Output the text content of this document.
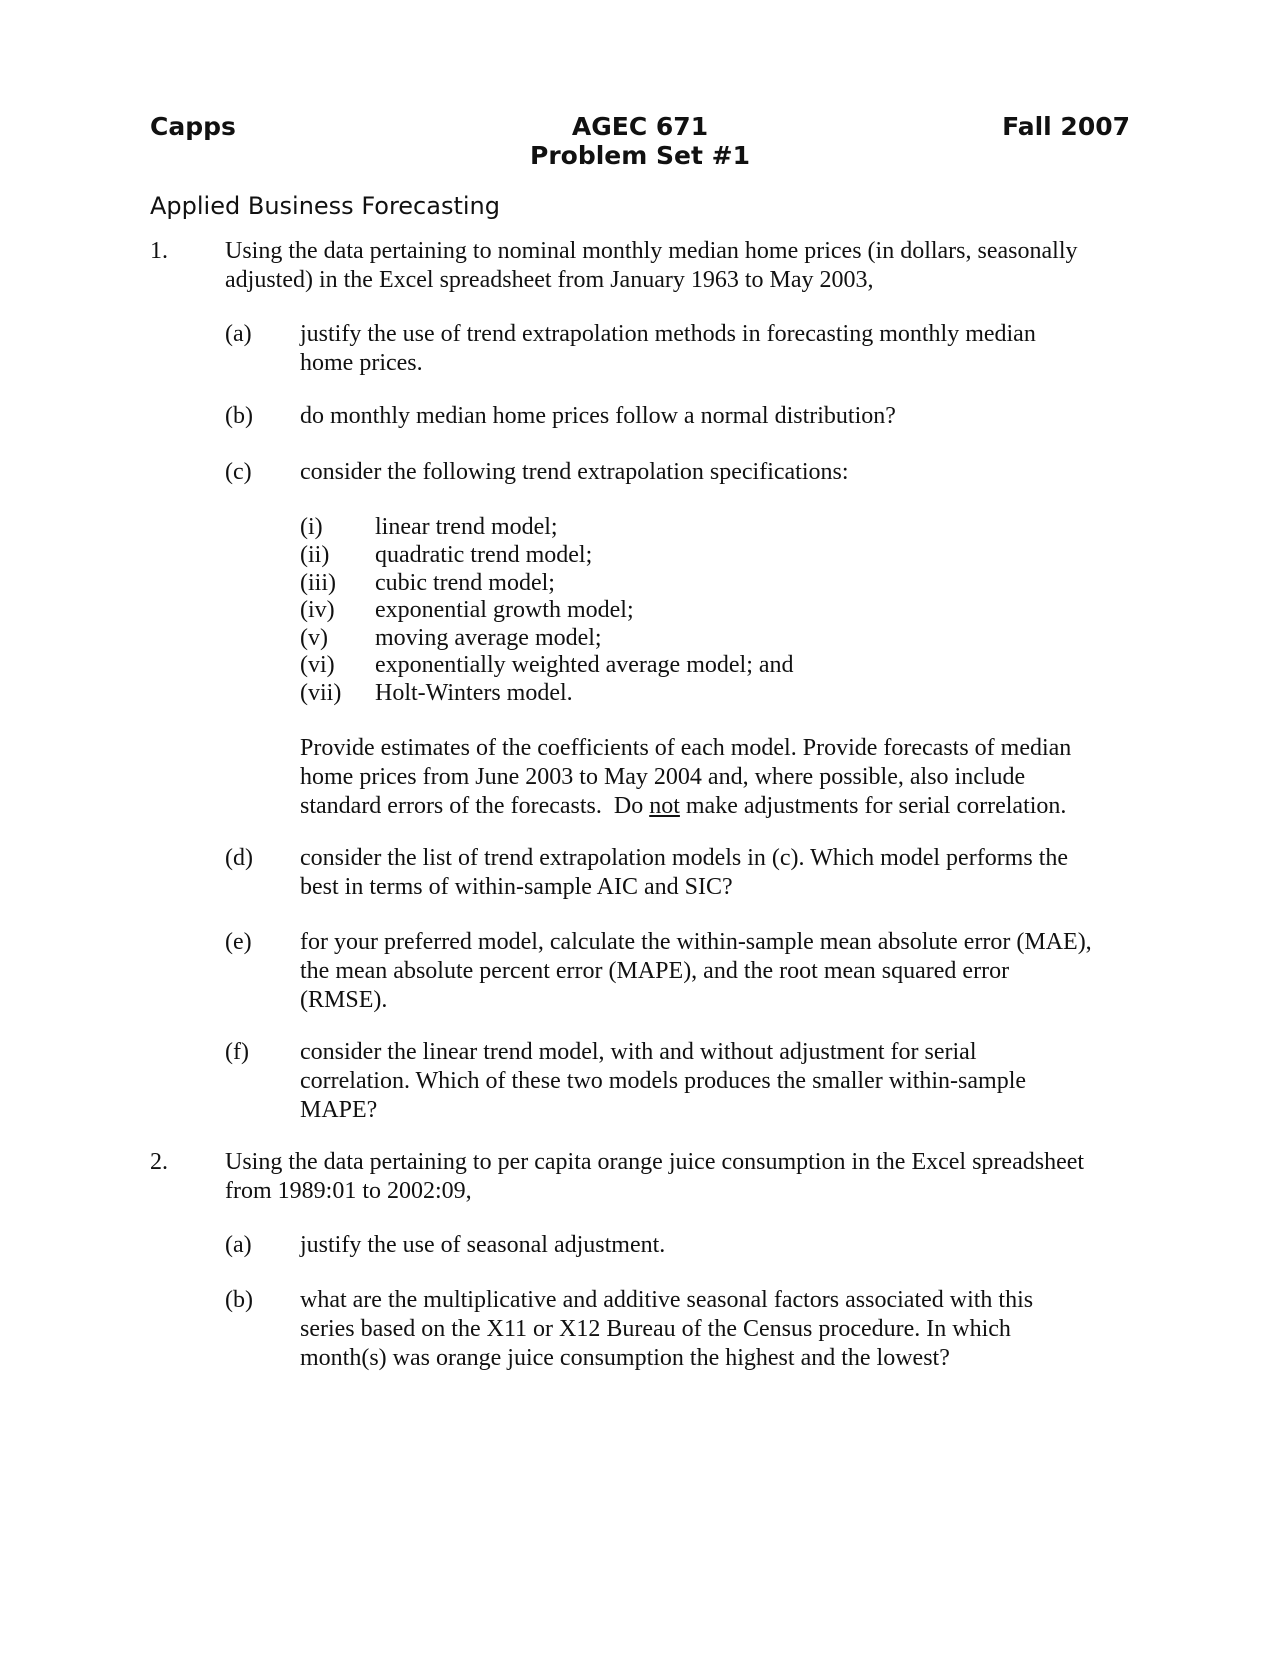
Capps	AGEC 671
Problem Set #1
Fall 2007
Applied Business Forecasting
1. Using the data pertaining to nominal monthly median home prices (in dollars, seasonally
adjusted) in the Excel spreadsheet from January 1963 to May 2003,
(a) justify the use of trend extrapolation methods in forecasting monthly median
home prices.
(b) do monthly median home prices follow a normal distribution?
(c) consider the following trend extrapolation specifications:
(i) linear trend model;
(ii) quadratic trend model;
(iii) cubic trend model;
(iv) exponential growth model;
(v) moving average model;
(vi) exponentially weighted average model; and
(vii) Holt-Winters model.
Provide estimates of the coefficients of each model. Provide forecasts of median
home prices from June 2003 to May 2004 and, where possible, also include
standard errors of the forecasts.  Do not make adjustments for serial correlation.
(d) consider the list of trend extrapolation models in (c). Which model performs the
best in terms of within-sample AIC and SIC?
(e) for your preferred model, calculate the within-sample mean absolute error (MAE),
the mean absolute percent error (MAPE), and the root mean squared error
(RMSE).
(f) consider the linear trend model, with and without adjustment for serial
correlation. Which of these two models produces the smaller within-sample
MAPE?
2. Using the data pertaining to per capita orange juice consumption in the Excel spreadsheet
from 1989:01 to 2002:09,
(a) justify the use of seasonal adjustment.
(b) what are the multiplicative and additive seasonal factors associated with this
series based on the X11 or X12 Bureau of the Census procedure. In which
month(s) was orange juice consumption the highest and the lowest?
